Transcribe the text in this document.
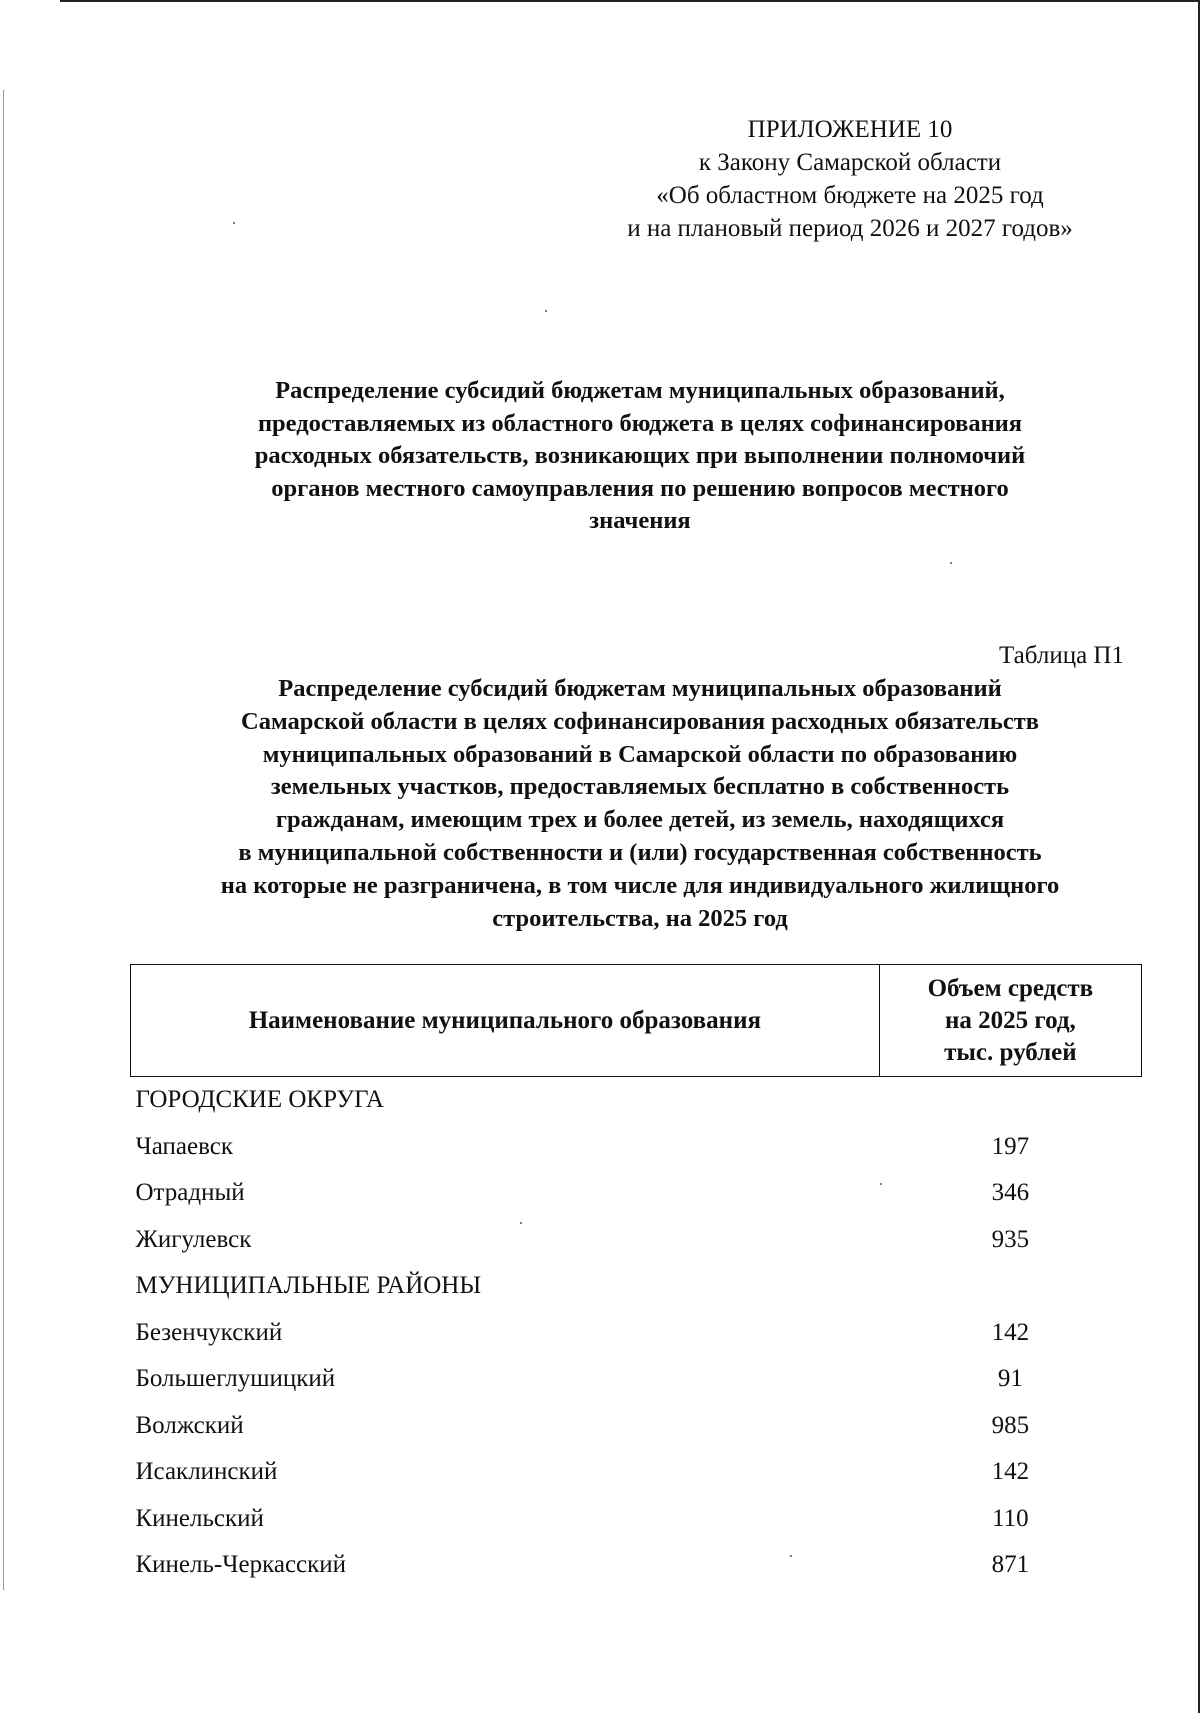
ПРИЛОЖЕНИЕ 10
к Закону Самарской области
«Об областном бюджете на 2025 год
и на плановый период 2026 и 2027 годов»
Распределение субсидий бюджетам муниципальных образований,
предоставляемых из областного бюджета в целях софинансирования
расходных обязательств, возникающих при выполнении полномочий
органов местного самоуправления по решению вопросов местного
значения
Таблица П1
Распределение субсидий бюджетам муниципальных образований
Самарской области в целях софинансирования расходных обязательств
муниципальных образований в Самарской области по образованию
земельных участков, предоставляемых бесплатно в собственность
гражданам, имеющим трех и более детей, из земель, находящихся
в муниципальной собственности и (или) государственная собственность
на которые не разграничена, в том числе для индивидуального жилищного
строительства, на 2025 год
Наименование муниципального образования	Объем средств
на 2025 год,
тыс. рублей

ГОРОДСКИЕ ОКРУГА	
Чапаевск	197
Отрадный	346
Жигулевск	935
МУНИЦИПАЛЬНЫЕ РАЙОНЫ	
Безенчукский	142
Большеглушицкий	91
Волжский	985
Исаклинский	142
Кинельский	110
Кинель-Черкасский	871
